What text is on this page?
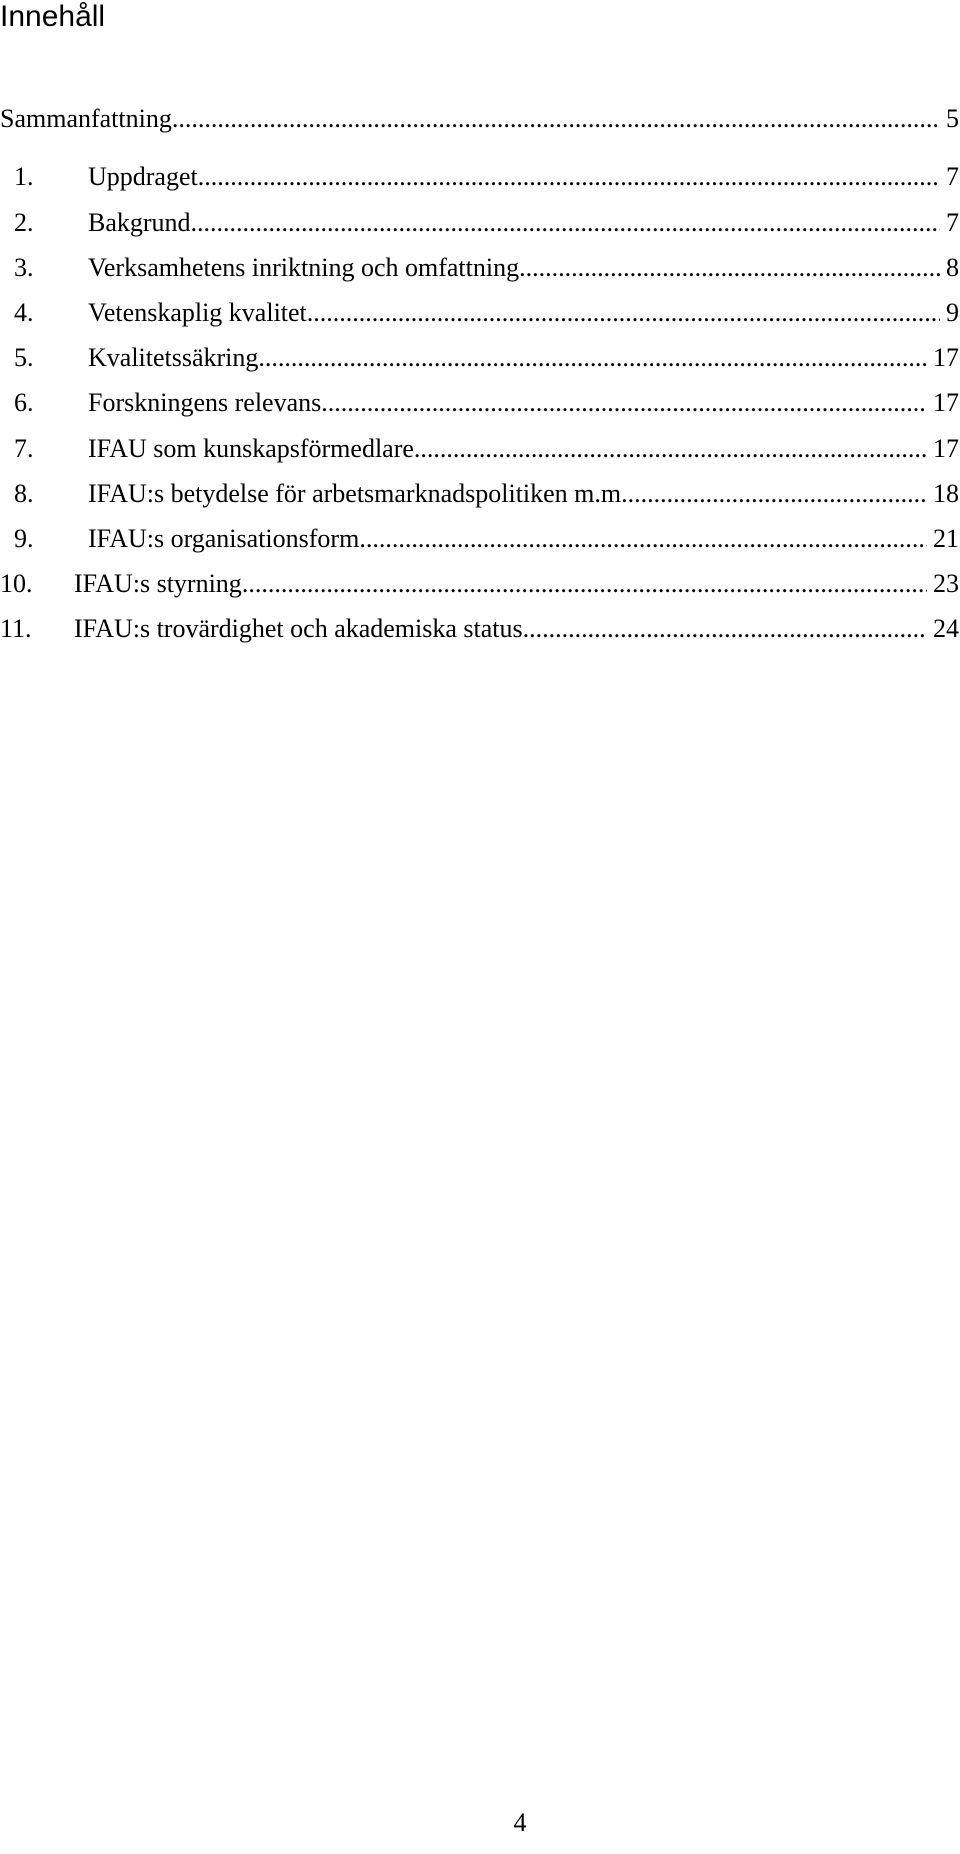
Innehåll
Sammanfattning .....	5
1.	Uppdraget .....	7
2.	Bakgrund .....	7
3.	Verksamhetens inriktning och omfattning .....	8
4.	Vetenskaplig kvalitet .....	9
5.	Kvalitetssäkring .....	17
6.	Forskningens relevans .....	17
7.	IFAU som kunskapsförmedlare .....	17
8.	IFAU:s betydelse för arbetsmarknadspolitiken m.m. .....	18
9.	IFAU:s organisationsform .....	21
10.	IFAU:s styrning .....	23
11.	IFAU:s trovärdighet och akademiska status .....	24
4
